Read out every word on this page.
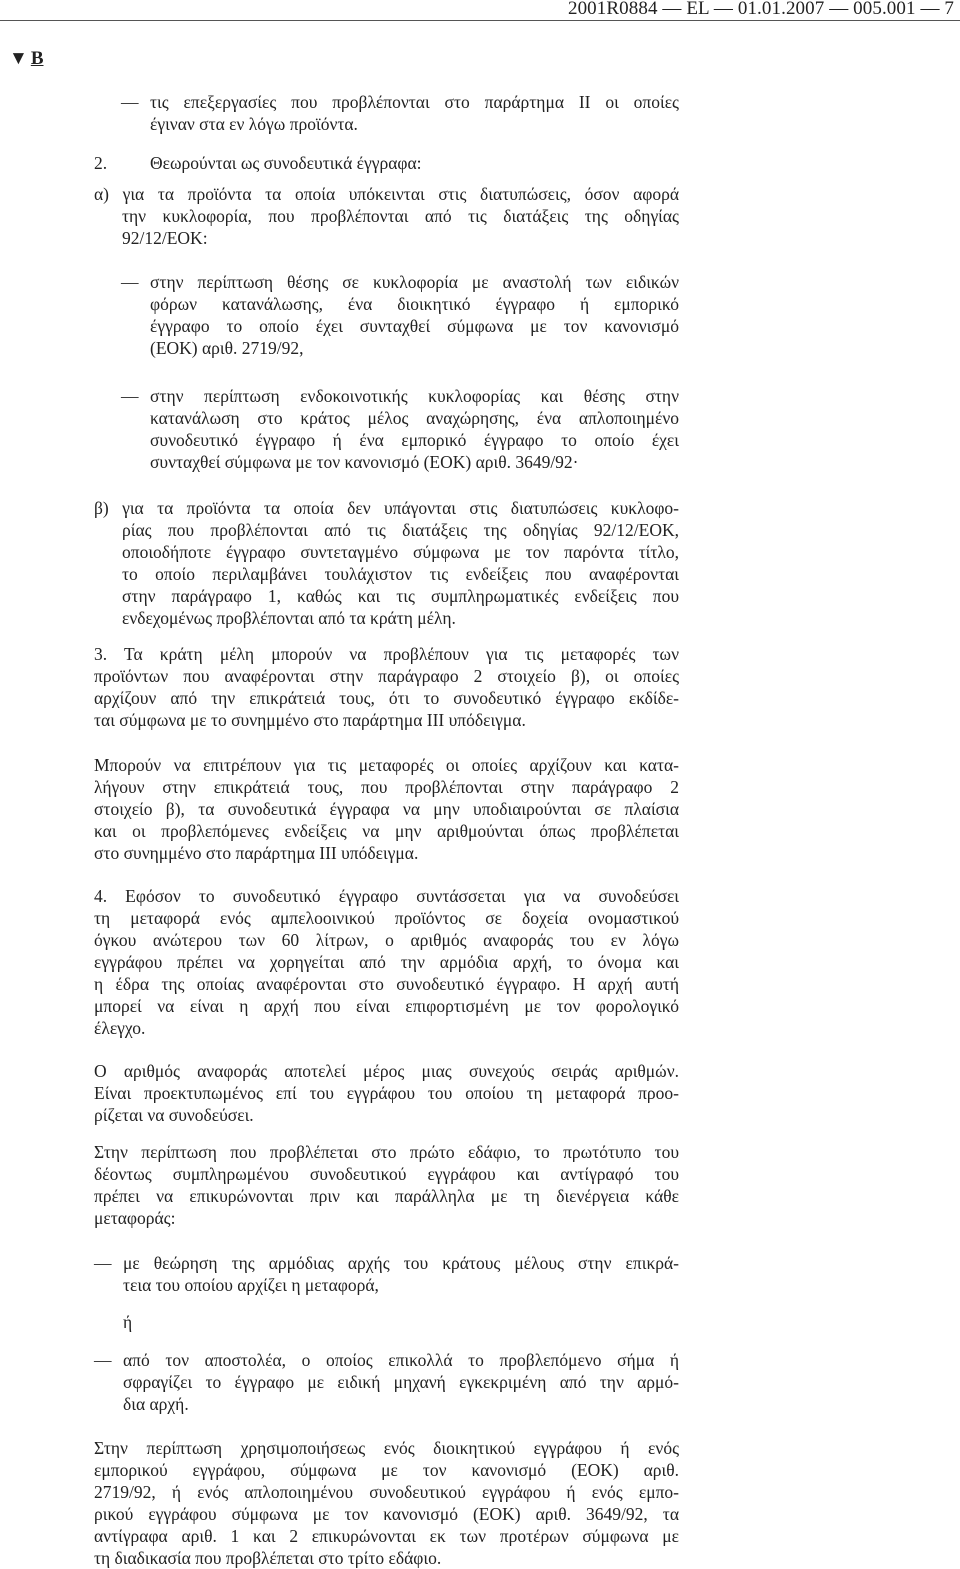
2001R0884 — EL — 01.01.2007 — 005.001 — 7
▼ B
— τις επεξεργασίες που προβλέπονται στο παράρτημα ΙΙ οι οποίες
έγιναν στα εν λόγω προϊόντα.
2. Θεωρούνται ως συνοδευτικά έγγραφα:
α) για τα προϊόντα τα οποία υπόκεινται στις διατυπώσεις, όσον αφορά
την κυκλοφορία, που προβλέπονται από τις διατάξεις της οδηγίας
92/12/ΕΟΚ:
— στην περίπτωση θέσης σε κυκλοφορία με αναστολή των ειδικών
φόρων κατανάλωσης, ένα διοικητικό έγγραφο ή εμπορικό
έγγραφο το οποίο έχει συνταχθεί σύμφωνα με τον κανονισμό
(ΕΟΚ) αριθ. 2719/92,
— στην περίπτωση ενδοκοινοτικής κυκλοφορίας και θέσης στην
κατανάλωση στο κράτος μέλος αναχώρησης, ένα απλοποιημένο
συνοδευτικό έγγραφο ή ένα εμπορικό έγγραφο το οποίο έχει
συνταχθεί σύμφωνα με τον κανονισμό (ΕΟΚ) αριθ. 3649/92·
β) για τα προϊόντα τα οποία δεν υπάγονται στις διατυπώσεις κυκλοφο-
ρίας που προβλέπονται από τις διατάξεις της οδηγίας 92/12/ΕΟΚ,
οποιοδήποτε έγγραφο συντεταγμένο σύμφωνα με τον παρόντα τίτλο,
το οποίο περιλαμβάνει τουλάχιστον τις ενδείξεις που αναφέρονται
στην παράγραφο 1, καθώς και τις συμπληρωματικές ενδείξεις που
ενδεχομένως προβλέπονται από τα κράτη μέλη.
3. Τα κράτη μέλη μπορούν να προβλέπουν για τις μεταφορές των
προϊόντων που αναφέρονται στην παράγραφο 2 στοιχείο β), οι οποίες
αρχίζουν από την επικράτειά τους, ότι το συνοδευτικό έγγραφο εκδίδε-
ται σύμφωνα με το συνημμένο στο παράρτημα ΙΙΙ υπόδειγμα.
Μπορούν να επιτρέπουν για τις μεταφορές οι οποίες αρχίζουν και κατα-
λήγουν στην επικράτειά τους, που προβλέπονται στην παράγραφο 2
στοιχείο β), τα συνοδευτικά έγγραφα να μην υποδιαιρούνται σε πλαίσια
και οι προβλεπόμενες ενδείξεις να μην αριθμούνται όπως προβλέπεται
στο συνημμένο στο παράρτημα ΙΙΙ υπόδειγμα.
4. Εφόσον το συνοδευτικό έγγραφο συντάσσεται για να συνοδεύσει
τη μεταφορά ενός αμπελοοινικού προϊόντος σε δοχεία ονομαστικού
όγκου ανώτερου των 60 λίτρων, ο αριθμός αναφοράς του εν λόγω
εγγράφου πρέπει να χορηγείται από την αρμόδια αρχή, το όνομα και
η έδρα της οποίας αναφέρονται στο συνοδευτικό έγγραφο. Η αρχή αυτή
μπορεί να είναι η αρχή που είναι επιφορτισμένη με τον φορολογικό
έλεγχο.
Ο αριθμός αναφοράς αποτελεί μέρος μιας συνεχούς σειράς αριθμών.
Είναι προεκτυπωμένος επί του εγγράφου του οποίου τη μεταφορά προο-
ρίζεται να συνοδεύσει.
Στην περίπτωση που προβλέπεται στο πρώτο εδάφιο, το πρωτότυπο του
δέοντως συμπληρωμένου συνοδευτικού εγγράφου και αντίγραφό του
πρέπει να επικυρώνονται πριν και παράλληλα με τη διενέργεια κάθε
μεταφοράς:
— με θεώρηση της αρμόδιας αρχής του κράτους μέλους στην επικρά-
τεια του οποίου αρχίζει η μεταφορά,
ή
— από τον αποστολέα, ο οποίος επικολλά το προβλεπόμενο σήμα ή
σφραγίζει το έγγραφο με ειδική μηχανή εγκεκριμένη από την αρμό-
δια αρχή.
Στην περίπτωση χρησιμοποιήσεως ενός διοικητικού εγγράφου ή ενός
εμπορικού εγγράφου, σύμφωνα με τον κανονισμό (ΕΟΚ) αριθ.
2719/92, ή ενός απλοποιημένου συνοδευτικού εγγράφου ή ενός εμπο-
ρικού εγγράφου σύμφωνα με τον κανονισμό (ΕΟΚ) αριθ. 3649/92, τα
αντίγραφα αριθ. 1 και 2 επικυρώνονται εκ των προτέρων σύμφωνα με
τη διαδικασία που προβλέπεται στο τρίτο εδάφιο.
